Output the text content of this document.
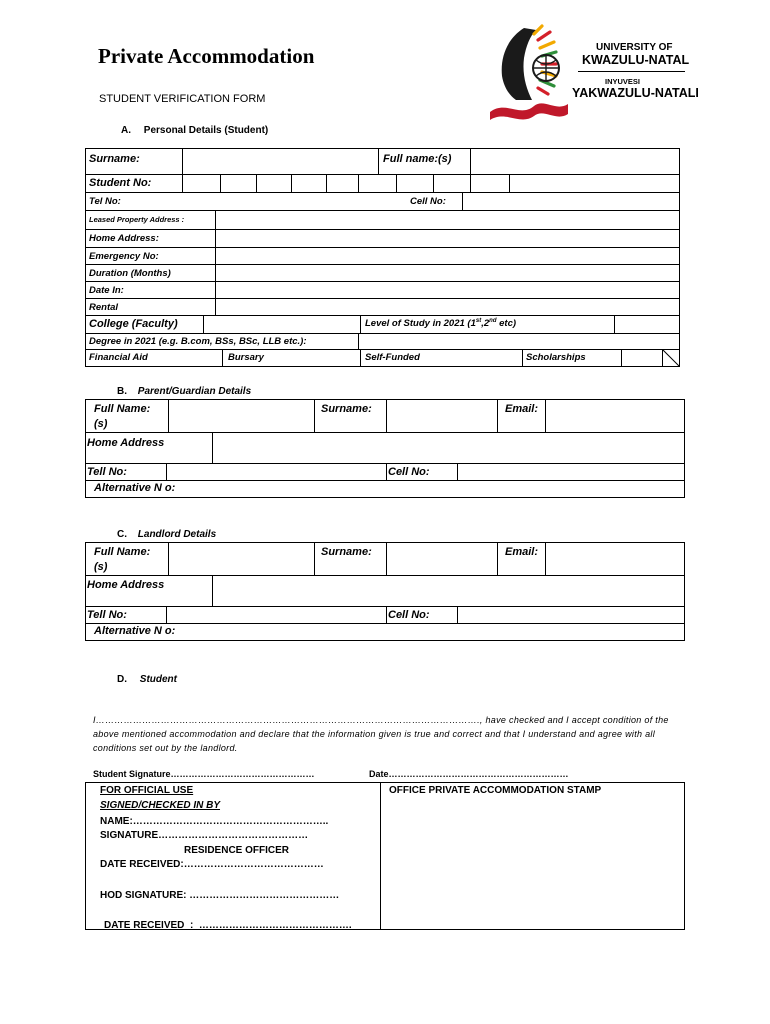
Private Accommodation
STUDENT VERIFICATION FORM
UNIVERSITY OF
KWAZULU-NATAL
INYUVESI
YAKWAZULU-NATALI
A. Personal Details (Student)
Surname:	Full name:(s)
Student No:
Tel No:	Cell No:
Leased Property Address :
Home Address:
Emergency No:
Duration (Months)
Date In:
Rental
College (Faculty)	Level of Study in 2021 (1st,2nd etc)
Degree in 2021 (e.g. B.com, BSs, BSc, LLB etc.):
Financial Aid	Bursary	Self-Funded	Scholarships
B. Parent/Guardian Details
Full Name:
(s)
Surname:	Email:
Home Address
Tell No:	Cell No:
Alternative N o:
C. Landlord Details
Full Name:
(s)
Surname:	Email:
Home Address
Tell No:	Cell No:
Alternative N o:
D. Student
I……………………………………………………………………………………………………………., have checked and I accept condition of the above mentioned accommodation and declare that the information given is true and correct and that I understand and agree with all conditions set out by the landlord.
Student Signature…………………………………………	Date……………………………………………………
FOR OFFICIAL USE
SIGNED/CHECKED IN BY
NAME:…………………………………………………..
SIGNATURE………………………………………
RESIDENCE OFFICER
DATE RECEIVED:……………………………………
HOD SIGNATURE: ………………………………………
DATE RECEIVED_:_……………………………………….
OFFICE PRIVATE ACCOMMODATION STAMP
